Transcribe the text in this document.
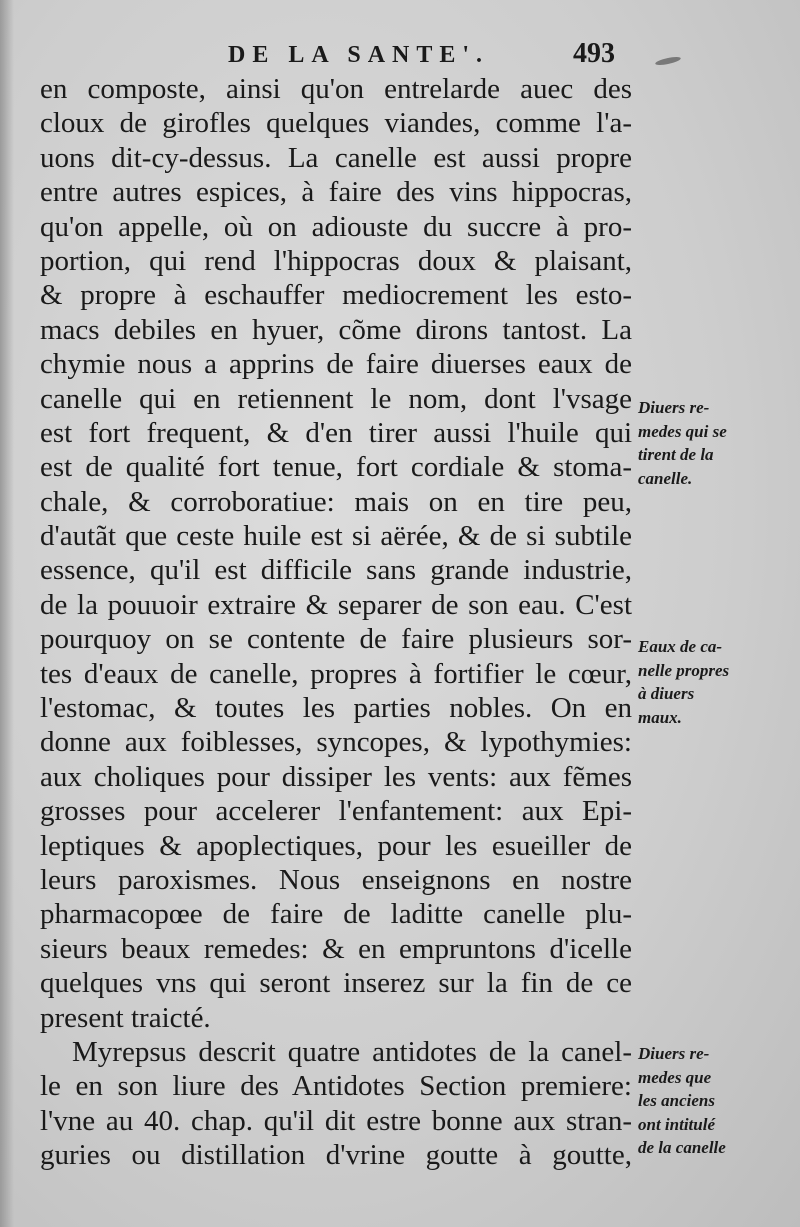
DE LA SANTE'.	493
en composte, ainsi qu'on entrelarde auec des
cloux de girofles quelques viandes, comme l'a-
uons dit-cy-dessus. La canelle est aussi propre
entre autres espices, à faire des vins hippocras,
qu'on appelle, où on adiouste du succre à pro-
portion, qui rend l'hippocras doux & plaisant,
& propre à eschauffer mediocrement les esto-
macs debiles en hyuer, cõme dirons tantost. La
chymie nous a apprins de faire diuerses eaux de
canelle qui en retiennent le nom, dont l'vsage
est fort frequent, & d'en tirer aussi l'huile qui
est de qualité fort tenue, fort cordiale & stoma-
chale, & corroboratiue: mais on en tire peu,
d'autãt que ceste huile est si aërée, & de si subtile
essence, qu'il est difficile sans grande industrie,
de la pouuoir extraire & separer de son eau. C'est
pourquoy on se contente de faire plusieurs sor-
tes d'eaux de canelle, propres à fortifier le cœur,
l'estomac, & toutes les parties nobles. On en
donne aux foiblesses, syncopes, & lypothymies:
aux choliques pour dissiper les vents: aux fẽmes
grosses pour accelerer l'enfantement: aux Epi-
leptiques & apoplectiques, pour les esueiller de
leurs paroxismes. Nous enseignons en nostre
pharmacopœe de faire de laditte canelle plu-
sieurs beaux remedes: & en empruntons d'icelle
quelques vns qui seront inserez sur la fin de ce
present traicté.
Myrepsus descrit quatre antidotes de la canel-
le en son liure des Antidotes Section premiere:
l'vne au 40. chap. qu'il dit estre bonne aux stran-
guries ou distillation d'vrine goutte à goutte,
Diuers re-
medes qui se
tirent de la
canelle.
Eaux de ca-
nelle propres
à diuers
maux.
Diuers re-
medes que
les anciens
ont intitulé
de la canelle
